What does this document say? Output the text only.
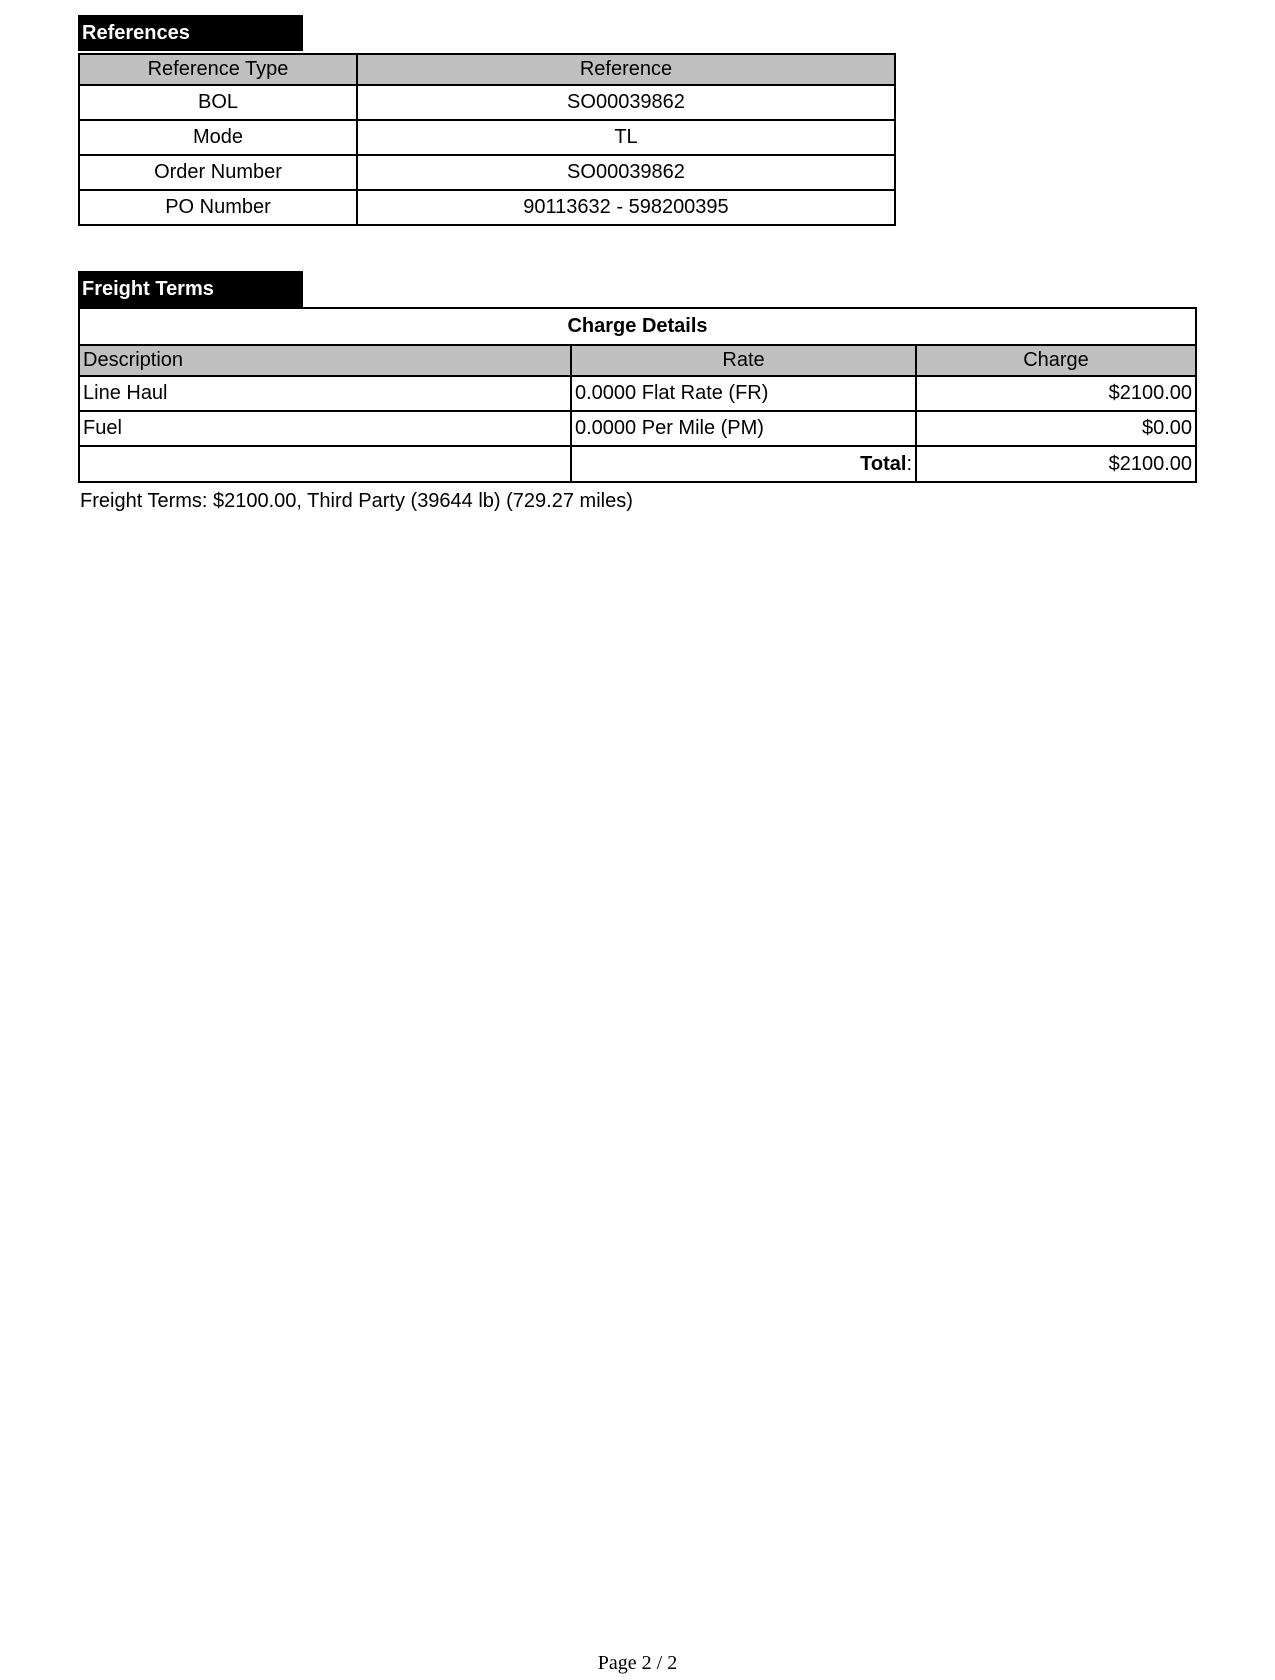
References
Reference Type	Reference
BOL	SO00039862
Mode	TL
Order Number	SO00039862
PO Number	90113632 - 598200395
Freight Terms
Charge Details		
Description	Rate	Charge
Line Haul	0.0000 Flat Rate (FR)	$2100.00
Fuel	0.0000 Per Mile (PM)	$0.00
	Total:	$2100.00
Freight Terms: $2100.00, Third Party (39644 lb) (729.27 miles)
Page 2 / 2
